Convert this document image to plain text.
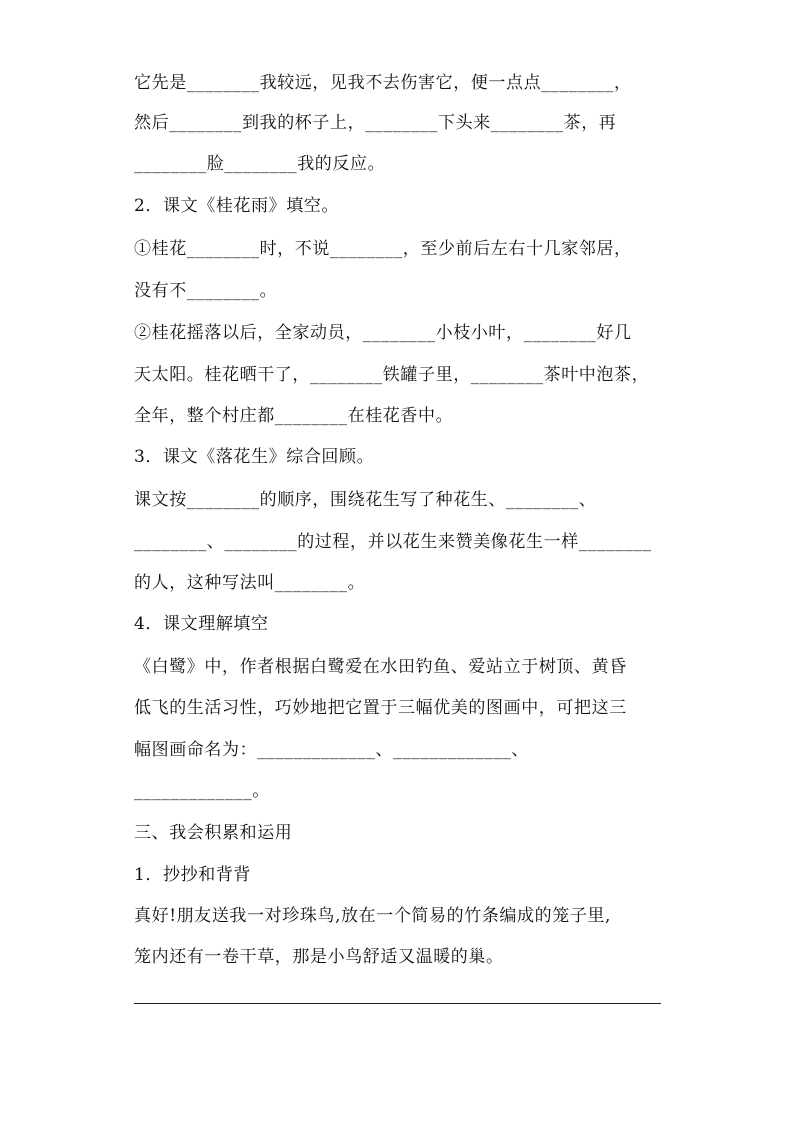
它先是________我较远，见我不去伤害它，便一点点________，
然后________到我的杯子上，________下头来________茶，再
________脸________我的反应。
2．课文《桂花雨》填空。
①桂花________时，不说________，至少前后左右十几家邻居，
没有不________。
②桂花摇落以后，全家动员，________小枝小叶，________好几
天太阳。桂花晒干了，________铁罐子里，________茶叶中泡茶，
全年，整个村庄都________在桂花香中。
3．课文《落花生》综合回顾。
课文按________的顺序，围绕花生写了种花生、________、
________、________的过程，并以花生来赞美像花生一样________
的人，这种写法叫________。
4．课文理解填空
《白鹭》中，作者根据白鹭爱在水田钓鱼、爱站立于树顶、黄昏
低飞的生活习性，巧妙地把它置于三幅优美的图画中，可把这三
幅图画命名为：_____________、_____________、
_____________。
三、我会积累和运用
1．抄抄和背背
真好!朋友送我一对珍珠鸟,放在一个简易的竹条编成的笼子里,
笼内还有一卷干草，那是小鸟舒适又温暖的巢。
